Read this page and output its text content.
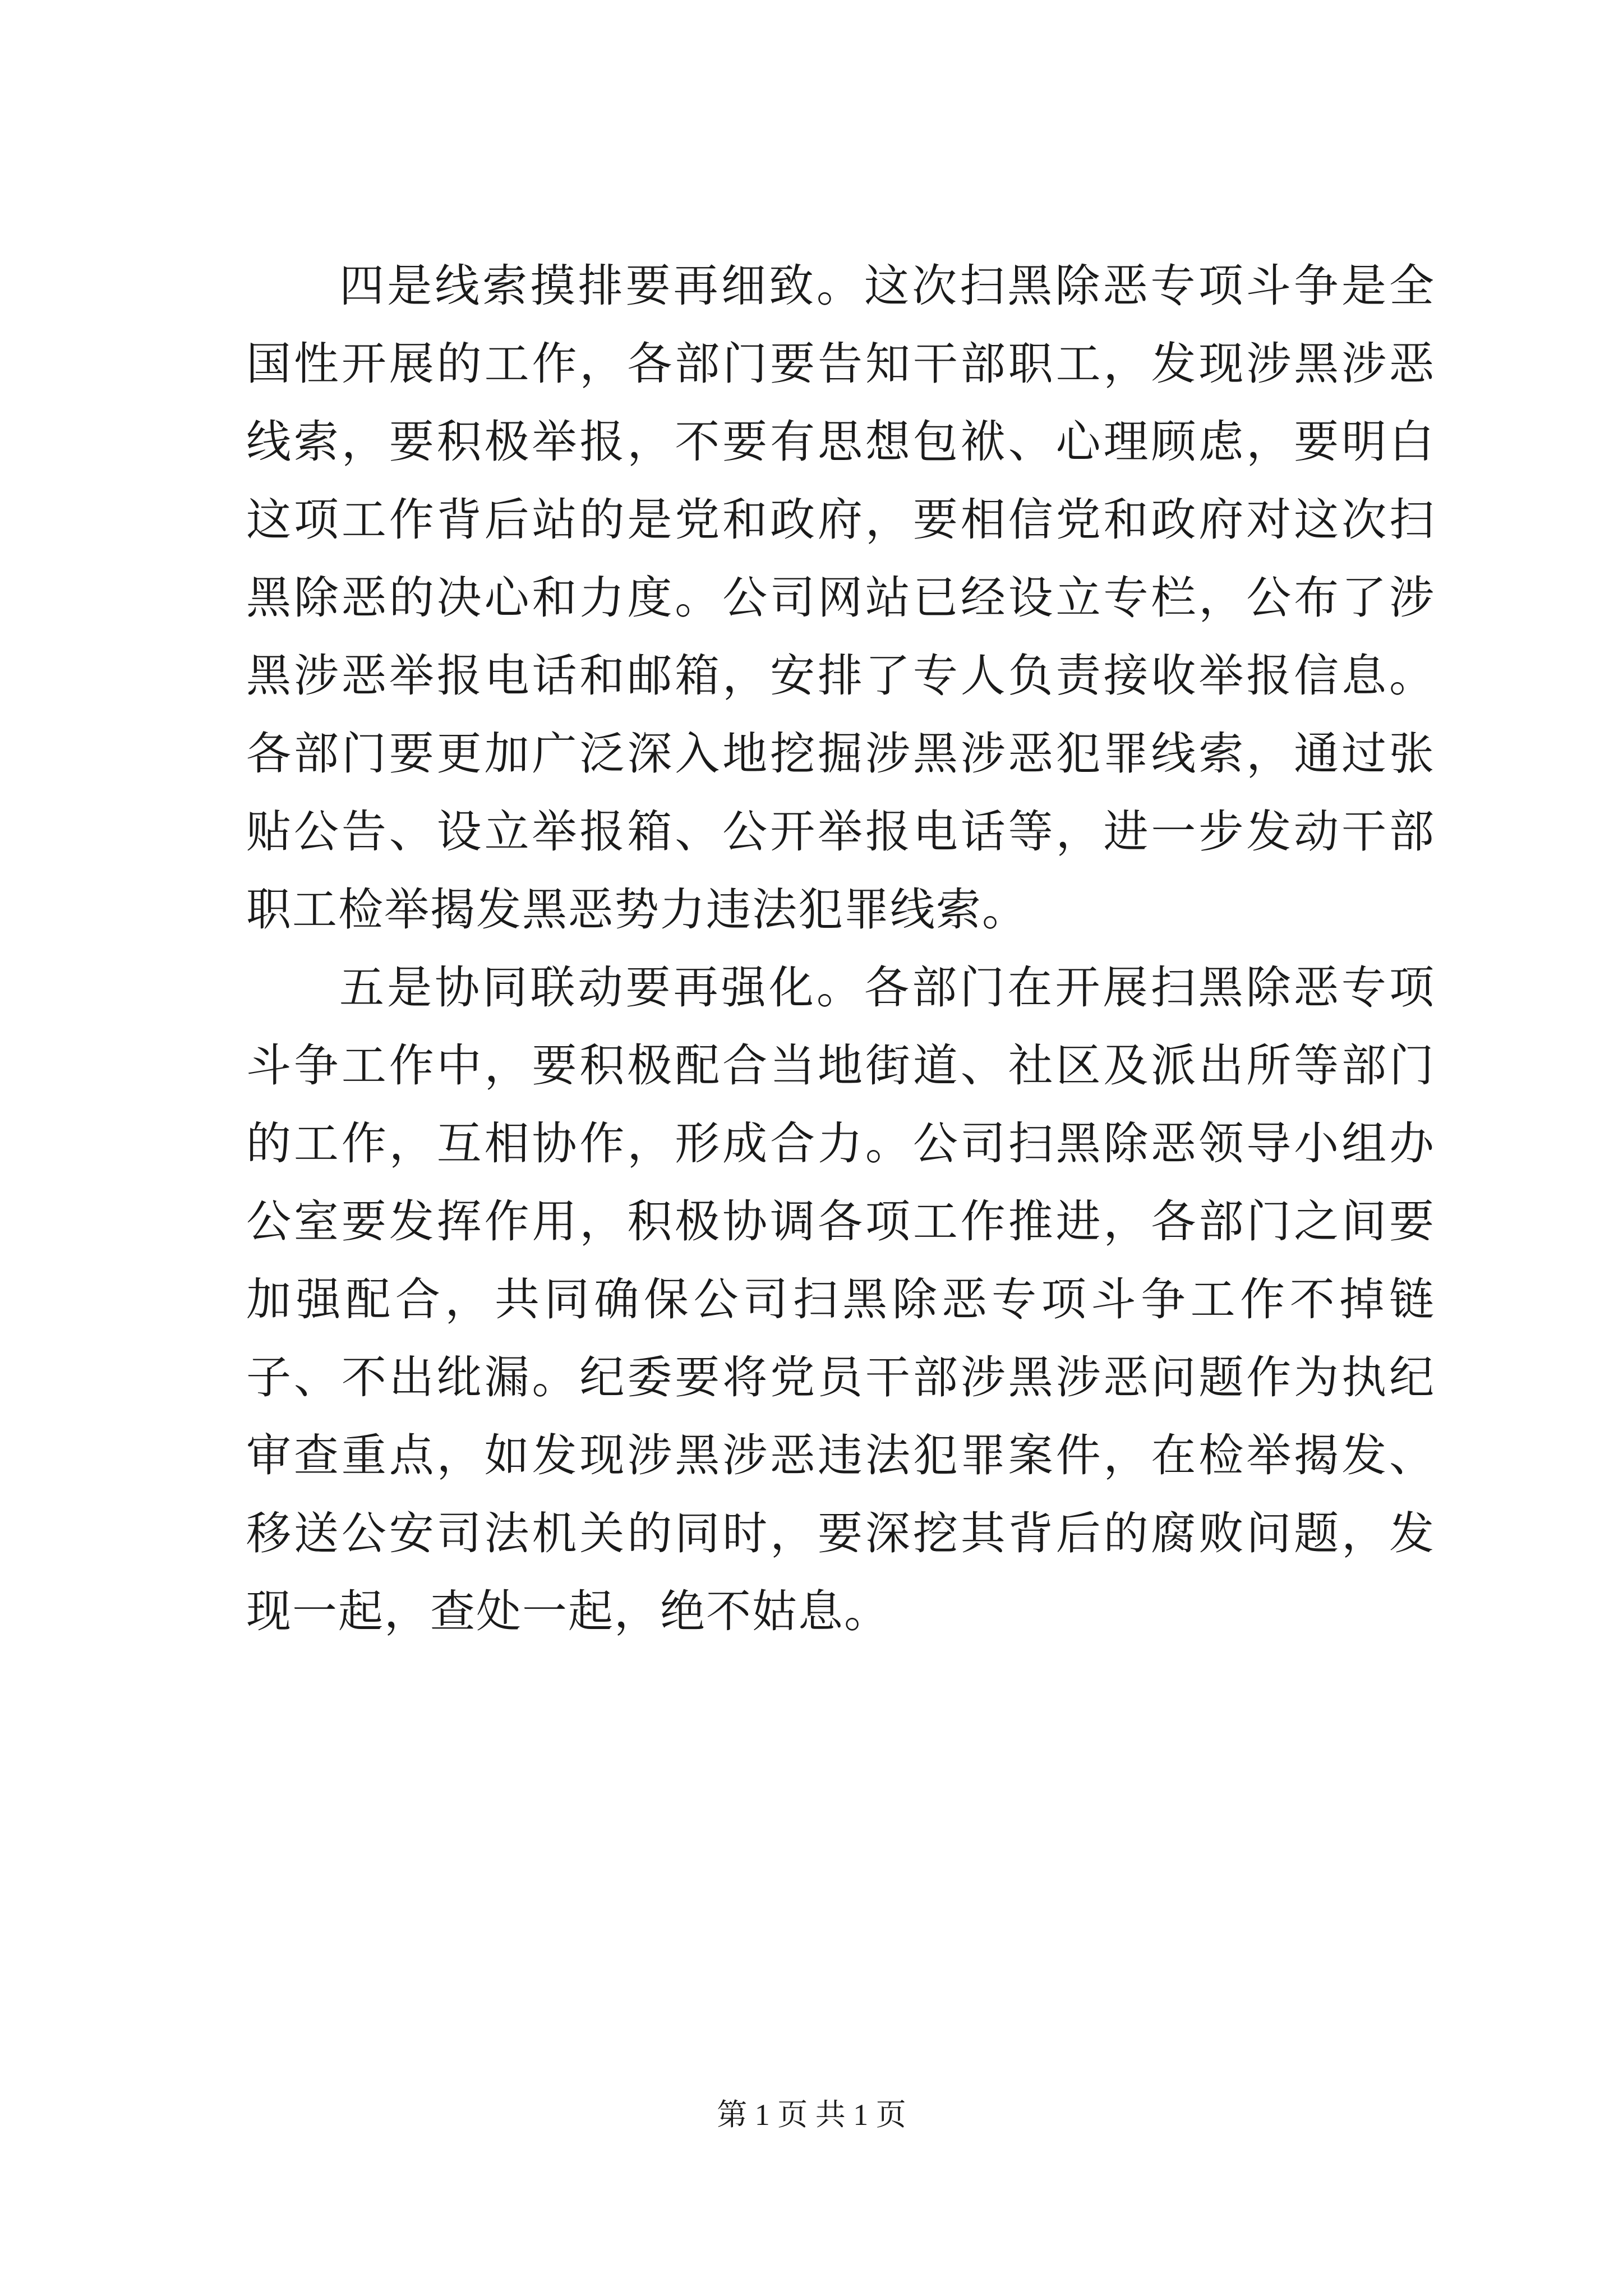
四是线索摸排要再细致。这次扫黑除恶专项斗争是全国性开展的工作，各部门要告知干部职工，发现涉黑涉恶线索，要积极举报，不要有思想包袱、心理顾虑，要明白这项工作背后站的是党和政府，要相信党和政府对这次扫黑除恶的决心和力度。公司网站已经设立专栏，公布了涉黑涉恶举报电话和邮箱，安排了专人负责接收举报信息。各部门要更加广泛深入地挖掘涉黑涉恶犯罪线索，通过张贴公告、设立举报箱、公开举报电话等，进一步发动干部职工检举揭发黑恶势力违法犯罪线索。

五是协同联动要再强化。各部门在开展扫黑除恶专项斗争工作中，要积极配合当地街道、社区及派出所等部门的工作，互相协作，形成合力。公司扫黑除恶领导小组办公室要发挥作用，积极协调各项工作推进，各部门之间要加强配合，共同确保公司扫黑除恶专项斗争工作不掉链子、不出纰漏。纪委要将党员干部涉黑涉恶问题作为执纪审查重点，如发现涉黑涉恶违法犯罪案件，在检举揭发、移送公安司法机关的同时，要深挖其背后的腐败问题，发现一起，查处一起，绝不姑息。

第 1 页 共 1 页
